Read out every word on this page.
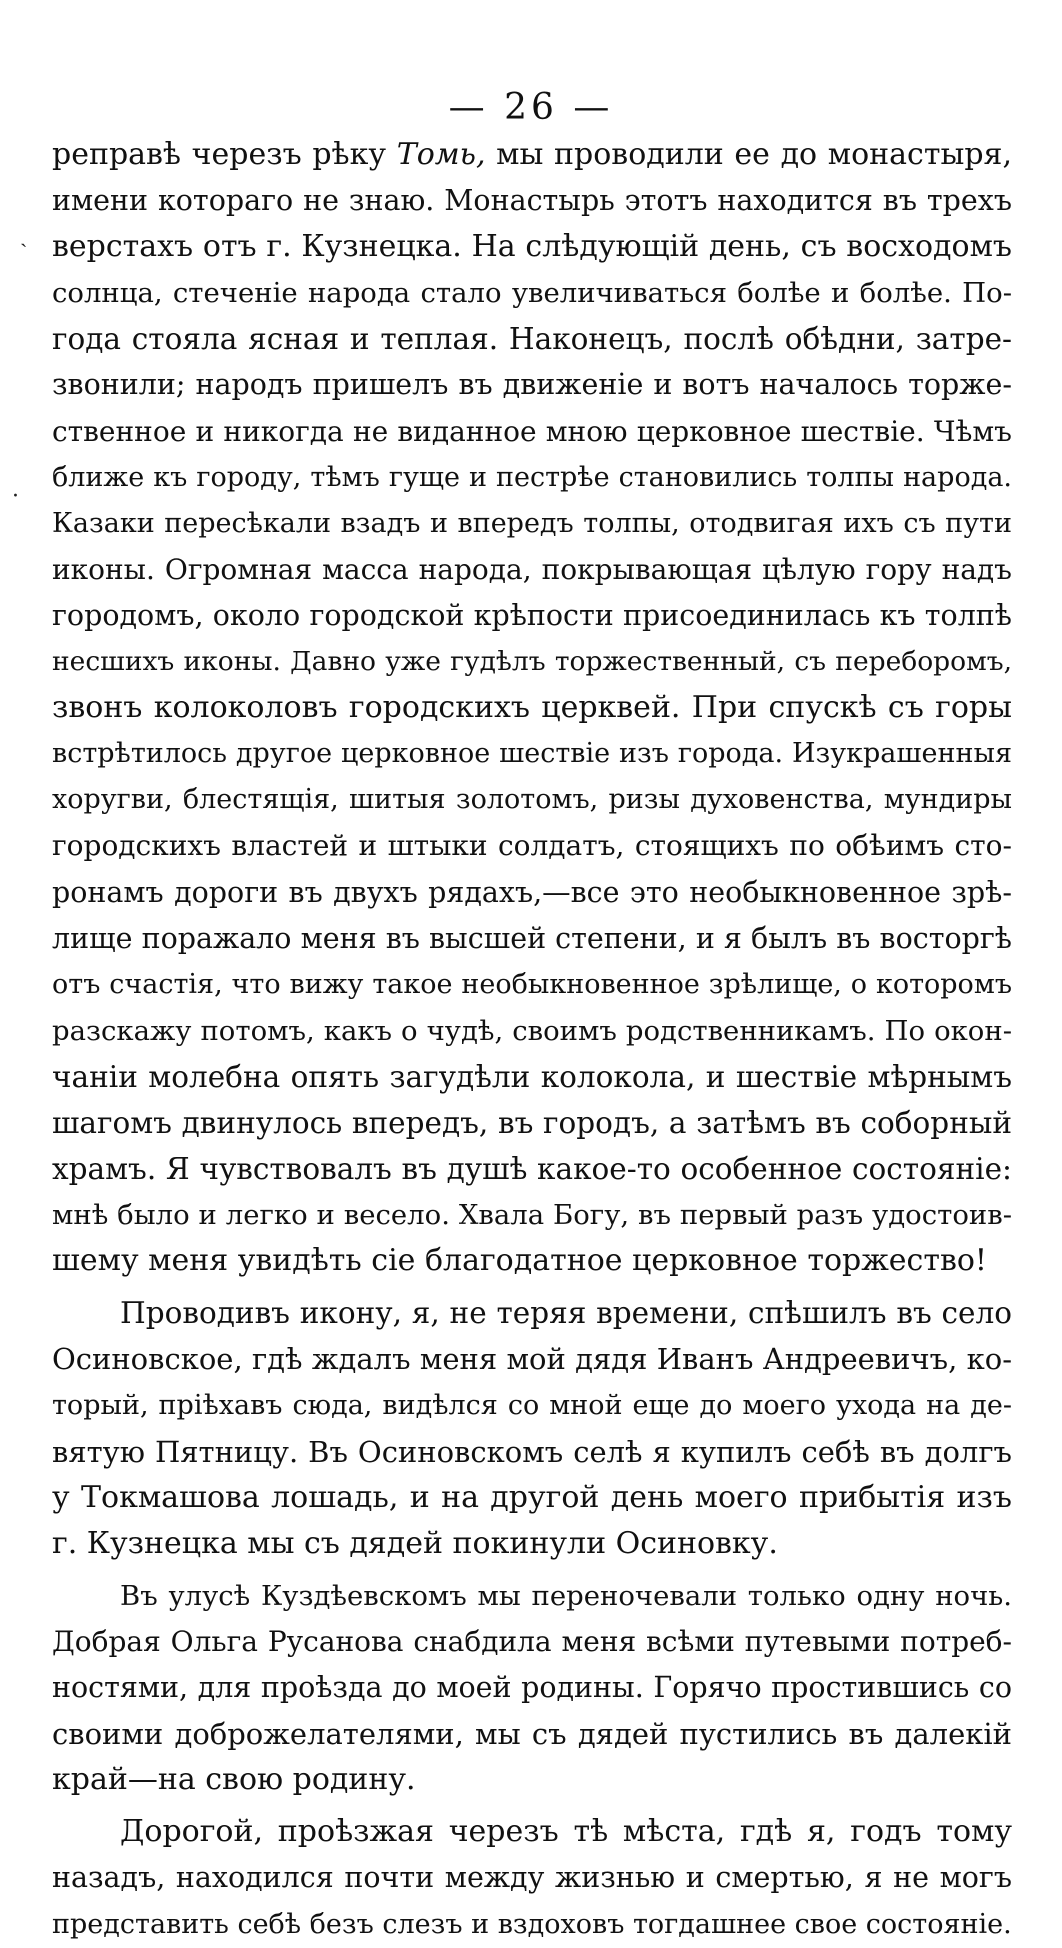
— 26 —
ˏ
·
реправѣ черезъ рѣку Томь, мы проводили ее до монастыря,
имени котораго не знаю. Монастырь этотъ находится въ трехъ
верстахъ отъ г. Кузнецка. На слѣдующій день, съ восходомъ
солнца, стеченіе народа стало увеличиваться болѣе и болѣе. По-
года стояла ясная и теплая. Наконецъ, послѣ обѣдни, затре-
звонили; народъ пришелъ въ движеніе и вотъ началось торже-
ственное и никогда не виданное мною церковное шествіе. Чѣмъ
ближе къ городу, тѣмъ гуще и пестрѣе становились толпы народа.
Казаки пересѣкали взадъ и впередъ толпы, отодвигая ихъ съ пути
иконы. Огромная масса народа, покрывающая цѣлую гору надъ
городомъ, около городской крѣпости присоединилась къ толпѣ
несшихъ иконы. Давно уже гудѣлъ торжественный, съ переборомъ,
звонъ колоколовъ городскихъ церквей. При спускѣ съ горы
встрѣтилось другое церковное шествіе изъ города. Изукрашенныя
хоругви, блестящія, шитыя золотомъ, ризы духовенства, мундиры
городскихъ властей и штыки солдатъ, стоящихъ по обѣимъ сто-
ронамъ дороги въ двухъ рядахъ,—все это необыкновенное зрѣ-
лище поражало меня въ высшей степени, и я былъ въ восторгѣ
отъ счастія, что вижу такое необыкновенное зрѣлище, о которомъ
разскажу потомъ, какъ о чудѣ, своимъ родственникамъ. По окон-
чаніи молебна опять загудѣли колокола, и шествіе мѣрнымъ
шагомъ двинулось впередъ, въ городъ, а затѣмъ въ соборный
храмъ. Я чувствовалъ въ душѣ какое-то особенное состояніе:
мнѣ было и легко и весело. Хвала Богу, въ первый разъ удостоив-
шему меня увидѣть сіе благодатное церковное торжество!
Проводивъ икону, я, не теряя времени, спѣшилъ въ село
Осиновское, гдѣ ждалъ меня мой дядя Иванъ Андреевичъ, ко-
торый, пріѣхавъ сюда, видѣлся со мной еще до моего ухода на де-
вятую Пятницу. Въ Осиновскомъ селѣ я купилъ себѣ въ долгъ
у Токмашова лошадь, и на другой день моего прибытія изъ
г. Кузнецка мы съ дядей покинули Осиновку.
Въ улусѣ Куздѣевскомъ мы переночевали только одну ночь.
Добрая Ольга Русанова снабдила меня всѣми путевыми потреб-
ностями, для проѣзда до моей родины. Горячо простившись со
своими доброжелателями, мы съ дядей пустились въ далекій
край—на свою родину.
Дорогой, проѣзжая черезъ тѣ мѣста, гдѣ я, годъ тому
назадъ, находился почти между жизнью и смертью, я не могъ
представить себѣ безъ слезъ и вздоховъ тогдашнее свое состояніе.
